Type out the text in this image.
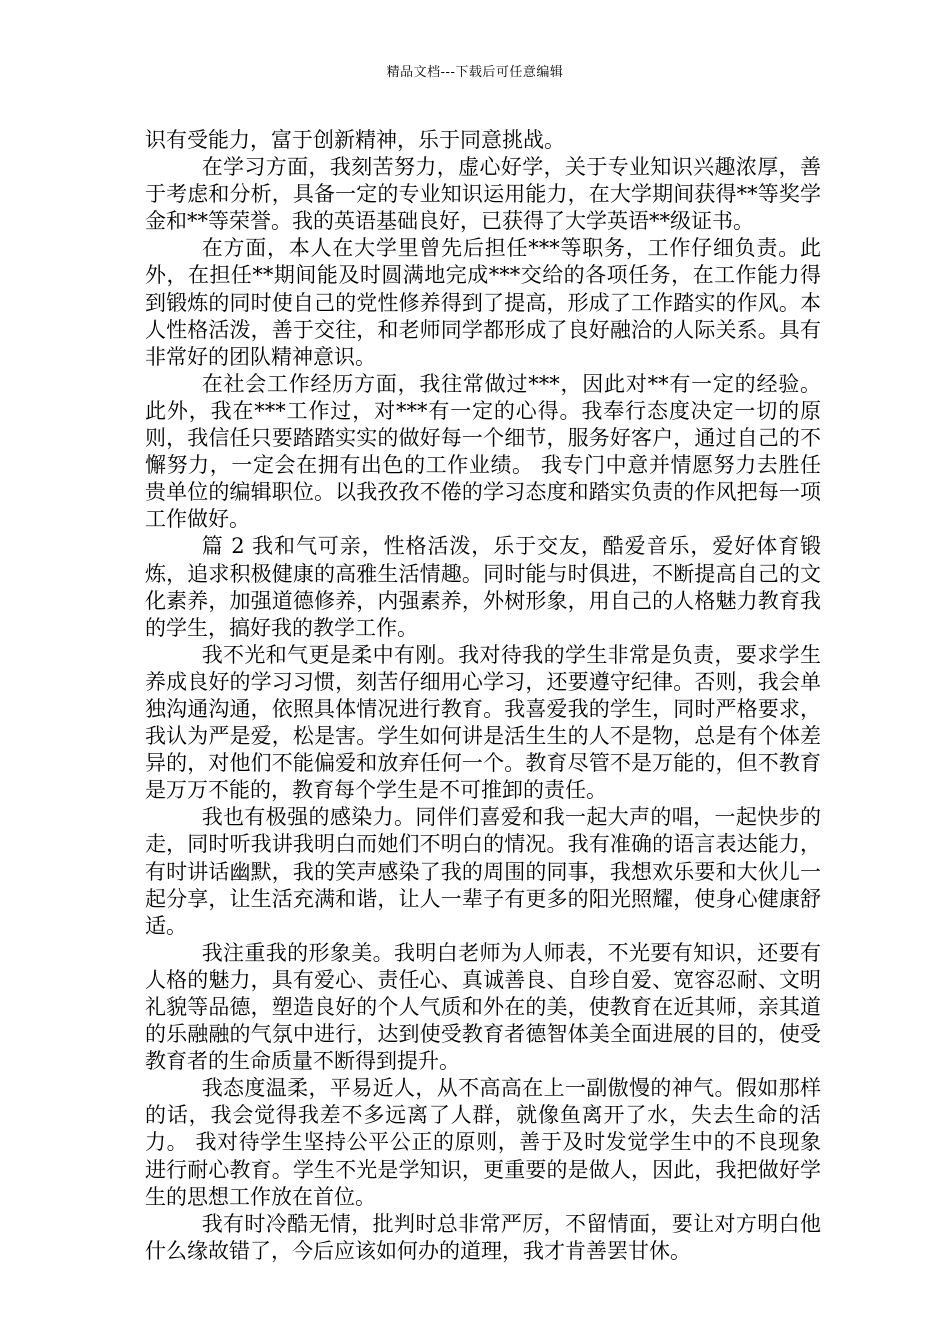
精品文档---下载后可任意编辑

识有受能力，富于创新精神，乐于同意挑战。

在学习方面，我刻苦努力，虚心好学，关于专业知识兴趣浓厚，善于考虑和分析，具备一定的专业知识运用能力，在大学期间获得**等奖学金和**等荣誉。我的英语基础良好，已获得了大学英语**级证书。

在方面，本人在大学里曾先后担任***等职务，工作仔细负责。此外，在担任**期间能及时圆满地完成***交给的各项任务，在工作能力得到锻炼的同时使自己的党性修养得到了提高，形成了工作踏实的作风。本人性格活泼，善于交往，和老师同学都形成了良好融洽的人际关系。具有非常好的团队精神意识。

在社会工作经历方面，我往常做过***，因此对**有一定的经验。此外，我在***工作过，对***有一定的心得。我奉行态度决定一切的原则，我信任只要踏踏实实的做好每一个细节，服务好客户，通过自己的不懈努力，一定会在拥有出色的工作业绩。 我专门中意并情愿努力去胜任贵单位的编辑职位。以我孜孜不倦的学习态度和踏实负责的作风把每一项工作做好。

篇 2 我和气可亲，性格活泼，乐于交友，酷爱音乐，爱好体育锻炼，追求积极健康的高雅生活情趣。同时能与时俱进，不断提高自己的文化素养，加强道德修养，内强素养，外树形象，用自己的人格魅力教育我的学生，搞好我的教学工作。

我不光和气更是柔中有刚。我对待我的学生非常是负责，要求学生养成良好的学习习惯，刻苦仔细用心学习，还要遵守纪律。否则，我会单独沟通沟通，依照具体情况进行教育。我喜爱我的学生，同时严格要求，我认为严是爱，松是害。学生如何讲是活生生的人不是物，总是有个体差异的，对他们不能偏爱和放弃任何一个。教育尽管不是万能的，但不教育是万万不能的，教育每个学生是不可推卸的责任。

我也有极强的感染力。同伴们喜爱和我一起大声的唱，一起快步的走，同时听我讲我明白而她们不明白的情况。我有准确的语言表达能力，有时讲话幽默，我的笑声感染了我的周围的同事，我想欢乐要和大伙儿一起分享，让生活充满和谐，让人一辈子有更多的阳光照耀，使身心健康舒适。

我注重我的形象美。我明白老师为人师表，不光要有知识，还要有人格的魅力，具有爱心、责任心、真诚善良、自珍自爱、宽容忍耐、文明礼貌等品德，塑造良好的个人气质和外在的美，使教育在近其师，亲其道的乐融融的气氛中进行，达到使受教育者德智体美全面进展的目的，使受教育者的生命质量不断得到提升。

我态度温柔，平易近人，从不高高在上一副傲慢的神气。假如那样的话，我会觉得我差不多远离了人群，就像鱼离开了水，失去生命的活力。 我对待学生坚持公平公正的原则，善于及时发觉学生中的不良现象进行耐心教育。学生不光是学知识，更重要的是做人，因此，我把做好学生的思想工作放在首位。

我有时冷酷无情，批判时总非常严厉，不留情面，要让对方明白他什么缘故错了，今后应该如何办的道理，我才肯善罢甘休。
